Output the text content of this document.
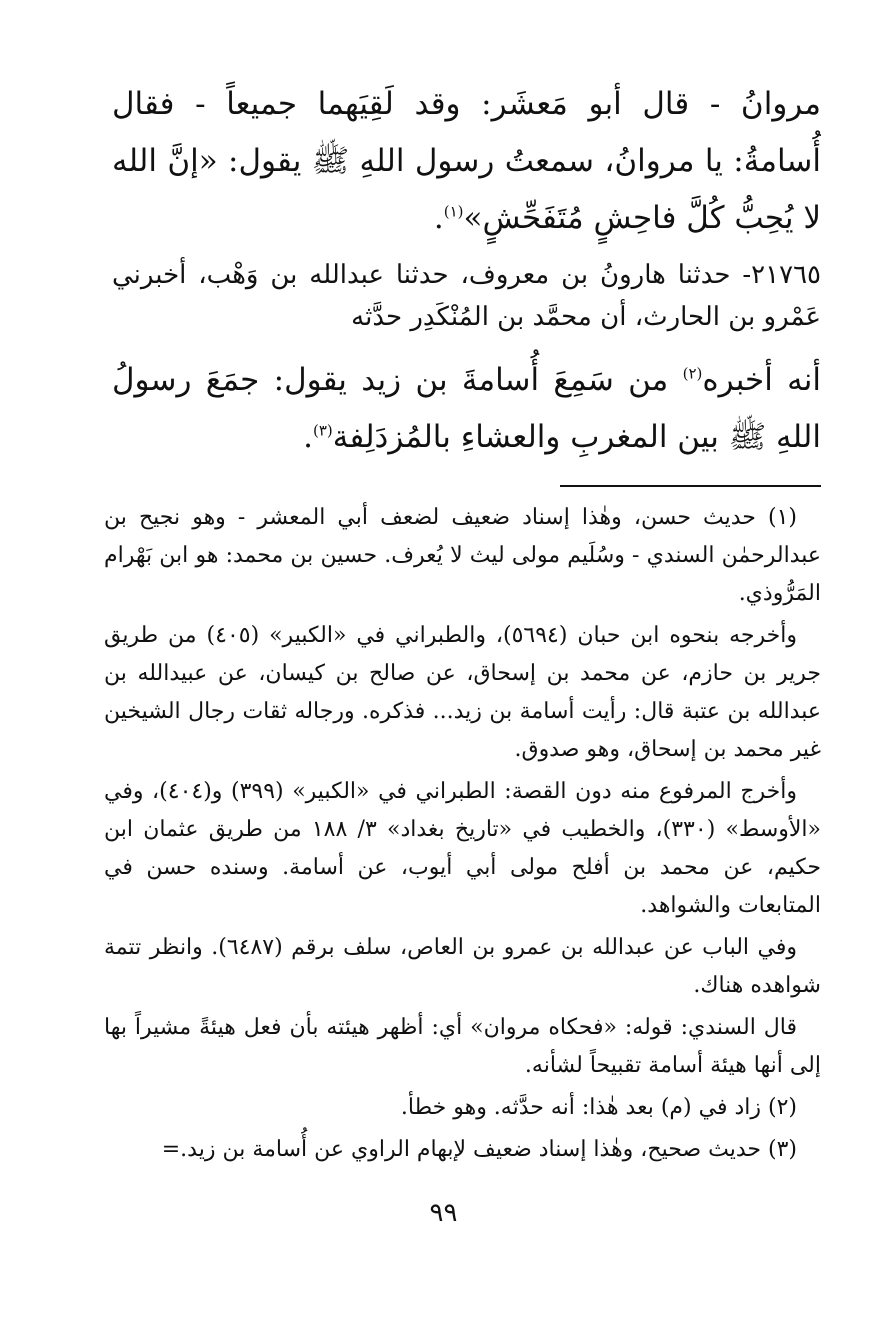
مروانُ - قال أبو مَعشَر: وقد لَقِيَهما جميعاً - فقال أُسامةُ: يا مروانُ، سمعتُ رسول اللهِ ﷺ يقول: «إنَّ الله لا يُحِبُّ كُلَّ فاحِشٍ مُتَفَحِّشٍ»$^{(١)}$.

٢١٧٦٥- حدثنا هارونُ بن معروف، حدثنا عبدالله بن وَهْب، أخبرني عَمْرو بن الحارث، أن محمَّد بن المُنْكَدِر حدَّثه

أنه أخبره$^{(٢)}$ من سَمِعَ أُسامةَ بن زيد يقول: جمَعَ رسولُ اللهِ ﷺ بين المغربِ والعشاءِ بالمُزدَلِفة$^{(٣)}$.

(١) حديث حسن، وهٰذا إسناد ضعيف لضعف أبي المعشر - وهو نجيح بن عبدالرحمٰن السندي - وسُلَيم مولى ليث لا يُعرف. حسين بن محمد: هو ابن بَهْرام المَرُّوذي.

وأخرجه بنحوه ابن حبان (٥٦٩٤)، والطبراني في «الكبير» (٤٠٥) من طريق جرير بن حازم، عن محمد بن إسحاق، عن صالح بن كيسان، عن عبيدالله بن عبدالله بن عتبة قال: رأيت أسامة بن زيد... فذكره. ورجاله ثقات رجال الشيخين غير محمد بن إسحاق، وهو صدوق.

وأخرج المرفوع منه دون القصة: الطبراني في «الكبير» (٣٩٩) و(٤٠٤)، وفي «الأوسط» (٣٣٠)، والخطيب في «تاريخ بغداد» ٣/ ١٨٨ من طريق عثمان ابن حكيم، عن محمد بن أفلح مولى أبي أيوب، عن أسامة. وسنده حسن في المتابعات والشواهد.

وفي الباب عن عبدالله بن عمرو بن العاص، سلف برقم (٦٤٨٧). وانظر تتمة شواهده هناك.

قال السندي: قوله: «فحكاه مروان» أي: أظهر هيئته بأن فعل هيئةً مشيراً بها إلى أنها هيئة أسامة تقبيحاً لشأنه.

(٢) زاد في (م) بعد هٰذا: أنه حدَّثه. وهو خطأ.

(٣) حديث صحيح، وهٰذا إسناد ضعيف لإبهام الراوي عن أُسامة بن زيد.=

٩٩
